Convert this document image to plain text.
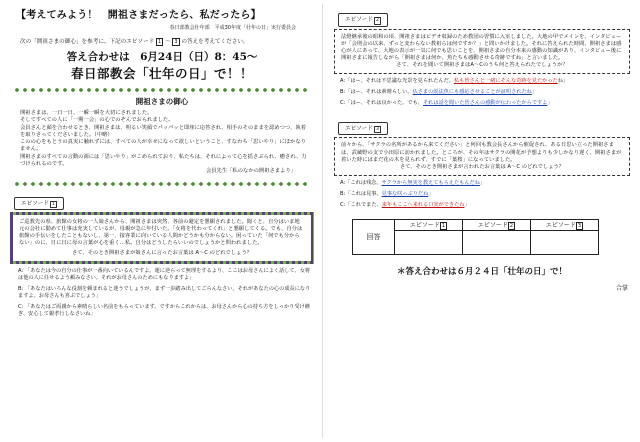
【考えてみよう！　開祖さまだったら、私だったら】
春日部教会壮年部　平成30年度「壮年の日」実行委員会
次の「開祖さまの御心」を参考に、下記のエピソード 1 ～ 3 の答えを考えてください。
答え合わせは　6月24日（日）8：45～
春日部教会「壮年の日」で！！
開祖さまの御心
開祖さまは、一日一日、一瞬一瞬を大切にされました。
そしてすべての人に「一期一会」の心でのぞんでおられました。
会員さんと顔を合わせるとき、開祖さまは、明るい笑顔でパッパッと即座に応答され、相手のそのままを認めつつ、執着を取りさってくださいました。（中略）
このの心をもとうの真実に触れずには、すべての人が幸せになって欲しいということ、すなわち「思いやり」にほかなりません。
開祖さまのすべての言動の源には「思いやり」がこめられており、私たちは、それによって心を揺さぶられ、癒され、力づけられるのです。
会員先生「私のなかの開祖さまより」
エピソード 1
ご巡教先の県、旅館の女将の一人娘さんから、開祖さまは突然、各前の避定を懇願されました。聞くと、自分はいま地元の会社に勤めて仕事は充実しているが、母親が急に年付いた。「女将を代わってくれ」と懇願してくる。でも、自分は旅館の手伝いをしたこともないし、第一、接客業に向いている人間かどうかも分からない。困っていた「何でも分からない」のに、日に日に母の言葉が心を重く…私。自分はどうしたらいいのでしょうかと問われました。
さて、そのとき開祖さまが娘さんに言ったお言葉は A～C のどれでしょう？
A: 「あなたは今の自分の仕事が一番向いているんですよ。運に逆らって無理をするより、ここはお母さんによく話して、女将は他の人に任せるよう頼みなさい。それがお母さんのためにもなりますよ」
B: 「あなたはいろんな役割を頼まれると迷うでしょうが、まず一歩踏み出してごらんなさい。それがあなたの心の成長になりますよ。お母さんも喜ぶでしょう」
C: 「あなたはご両親から素晴らしい名前をもらっています。ですからこれからは、お母さんから心の持ち方をしっかり受け継ぎ、安心して親孝行しなさいね」
エピソード 2
法燈継承後の昭和の頃、開祖さまはビデオ収録のため教団の習慣に入室しました。大地の甲でメインを、インタビューが「会則会の以来、ずっと変わらない教祖らは何ですか？」と問いかけました。それに答えられた時間、開祖さまは感心が人にあって、大地の表示が一気に何でも思いことを、開祖さまの自分本来の感動の知識があり、インタビュー後に開祖さまに報告しながら「開祖さまは何か、魚たちも感動させる奇跡ですね」と言いました。
さて、それを聞いて開祖さまはA～Cのうち何と答えられたでしょうか？
A:「はー、それは不思議な光景を見られたんだ。私も皆さんと一緒にそんな奇跡を見たかったね」
B:「はー、それは素晴らしい。仏さまの説法魚にも感応させることが証明されたね」
C:「はー、それは良かった。でも、それは話を聞いた皆さんの感動が伝わったからですよ」
エピソード 3
前々から、「サクラの名所があるから来てください」と何回も教会長さんから催促され、ある日思い立った開祖さまは、武蔵野の支で小田原に訪かれました。ところが、その年はサクラの開花が予想よりも少しかなり遅く、開祖さまが着いた時にはまだ花の木を見られず、すでに「葉桜」になっていました。
さて、そのとき開祖さまが言われたお言葉は A～C のどれでしょう？
A:「これは残念。サクラから無実を教えてもらえたもんだね」
B:「これは見事。見事な咲っぷりだね」
C:「これでまた、来年もここへ来れる口実ができたね」
回答	エピソード 1	エピソード 2	エピソード 3

＊答え合わせは６月２４日「壮年の日」で！
合掌
